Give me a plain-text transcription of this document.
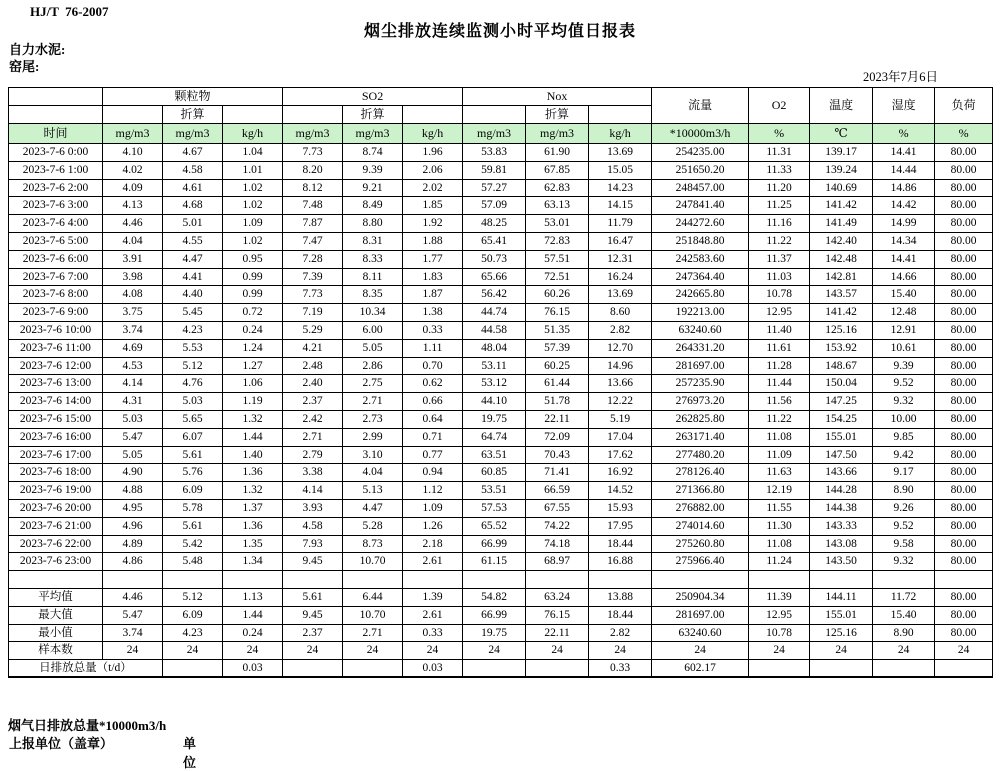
HJ/T  76-2007
烟尘排放连续监测小时平均值日报表
自力水泥:
窑尾:
2023年7月6日
	颗粒物			SO2			Nox			流量	O2	温度	湿度	负荷
		折算			折算			折算						
时间	mg/m3	mg/m3	kg/h	mg/m3	mg/m3	kg/h	mg/m3	mg/m3	kg/h	*10000m3/h	%	℃	%	%
2023-7-6 0:00	4.10	4.67	1.04	7.73	8.74	1.96	53.83	61.90	13.69	254235.00	11.31	139.17	14.41	80.00
2023-7-6 1:00	4.02	4.58	1.01	8.20	9.39	2.06	59.81	67.85	15.05	251650.20	11.33	139.24	14.44	80.00
2023-7-6 2:00	4.09	4.61	1.02	8.12	9.21	2.02	57.27	62.83	14.23	248457.00	11.20	140.69	14.86	80.00
2023-7-6 3:00	4.13	4.68	1.02	7.48	8.49	1.85	57.09	63.13	14.15	247841.40	11.25	141.42	14.42	80.00
2023-7-6 4:00	4.46	5.01	1.09	7.87	8.80	1.92	48.25	53.01	11.79	244272.60	11.16	141.49	14.99	80.00
2023-7-6 5:00	4.04	4.55	1.02	7.47	8.31	1.88	65.41	72.83	16.47	251848.80	11.22	142.40	14.34	80.00
2023-7-6 6:00	3.91	4.47	0.95	7.28	8.33	1.77	50.73	57.51	12.31	242583.60	11.37	142.48	14.41	80.00
2023-7-6 7:00	3.98	4.41	0.99	7.39	8.11	1.83	65.66	72.51	16.24	247364.40	11.03	142.81	14.66	80.00
2023-7-6 8:00	4.08	4.40	0.99	7.73	8.35	1.87	56.42	60.26	13.69	242665.80	10.78	143.57	15.40	80.00
2023-7-6 9:00	3.75	5.45	0.72	7.19	10.34	1.38	44.74	76.15	8.60	192213.00	12.95	141.42	12.48	80.00
2023-7-6 10:00	3.74	4.23	0.24	5.29	6.00	0.33	44.58	51.35	2.82	63240.60	11.40	125.16	12.91	80.00
2023-7-6 11:00	4.69	5.53	1.24	4.21	5.05	1.11	48.04	57.39	12.70	264331.20	11.61	153.92	10.61	80.00
2023-7-6 12:00	4.53	5.12	1.27	2.48	2.86	0.70	53.11	60.25	14.96	281697.00	11.28	148.67	9.39	80.00
2023-7-6 13:00	4.14	4.76	1.06	2.40	2.75	0.62	53.12	61.44	13.66	257235.90	11.44	150.04	9.52	80.00
2023-7-6 14:00	4.31	5.03	1.19	2.37	2.71	0.66	44.10	51.78	12.22	276973.20	11.56	147.25	9.32	80.00
2023-7-6 15:00	5.03	5.65	1.32	2.42	2.73	0.64	19.75	22.11	5.19	262825.80	11.22	154.25	10.00	80.00
2023-7-6 16:00	5.47	6.07	1.44	2.71	2.99	0.71	64.74	72.09	17.04	263171.40	11.08	155.01	9.85	80.00
2023-7-6 17:00	5.05	5.61	1.40	2.79	3.10	0.77	63.51	70.43	17.62	277480.20	11.09	147.50	9.42	80.00
2023-7-6 18:00	4.90	5.76	1.36	3.38	4.04	0.94	60.85	71.41	16.92	278126.40	11.63	143.66	9.17	80.00
2023-7-6 19:00	4.88	6.09	1.32	4.14	5.13	1.12	53.51	66.59	14.52	271366.80	12.19	144.28	8.90	80.00
2023-7-6 20:00	4.95	5.78	1.37	3.93	4.47	1.09	57.53	67.55	15.93	276882.00	11.55	144.38	9.26	80.00
2023-7-6 21:00	4.96	5.61	1.36	4.58	5.28	1.26	65.52	74.22	17.95	274014.60	11.30	143.33	9.52	80.00
2023-7-6 22:00	4.89	5.42	1.35	7.93	8.73	2.18	66.99	74.18	18.44	275260.80	11.08	143.08	9.58	80.00
2023-7-6 23:00	4.86	5.48	1.34	9.45	10.70	2.61	61.15	68.97	16.88	275966.40	11.24	143.50	9.32	80.00

平均值	4.46	5.12	1.13	5.61	6.44	1.39	54.82	63.24	13.88	250904.34	11.39	144.11	11.72	80.00
最大值	5.47	6.09	1.44	9.45	10.70	2.61	66.99	76.15	18.44	281697.00	12.95	155.01	15.40	80.00
最小值	3.74	4.23	0.24	2.37	2.71	0.33	19.75	22.11	2.82	63240.60	10.78	125.16	8.90	80.00
样本数	24	24	24	24	24	24	24	24	24	24	24	24	24	24
日排放总量（t/d）			0.03			0.03			0.33	602.17				
烟气日排放总量*10000m3/h
上报单位（盖章）	单位
